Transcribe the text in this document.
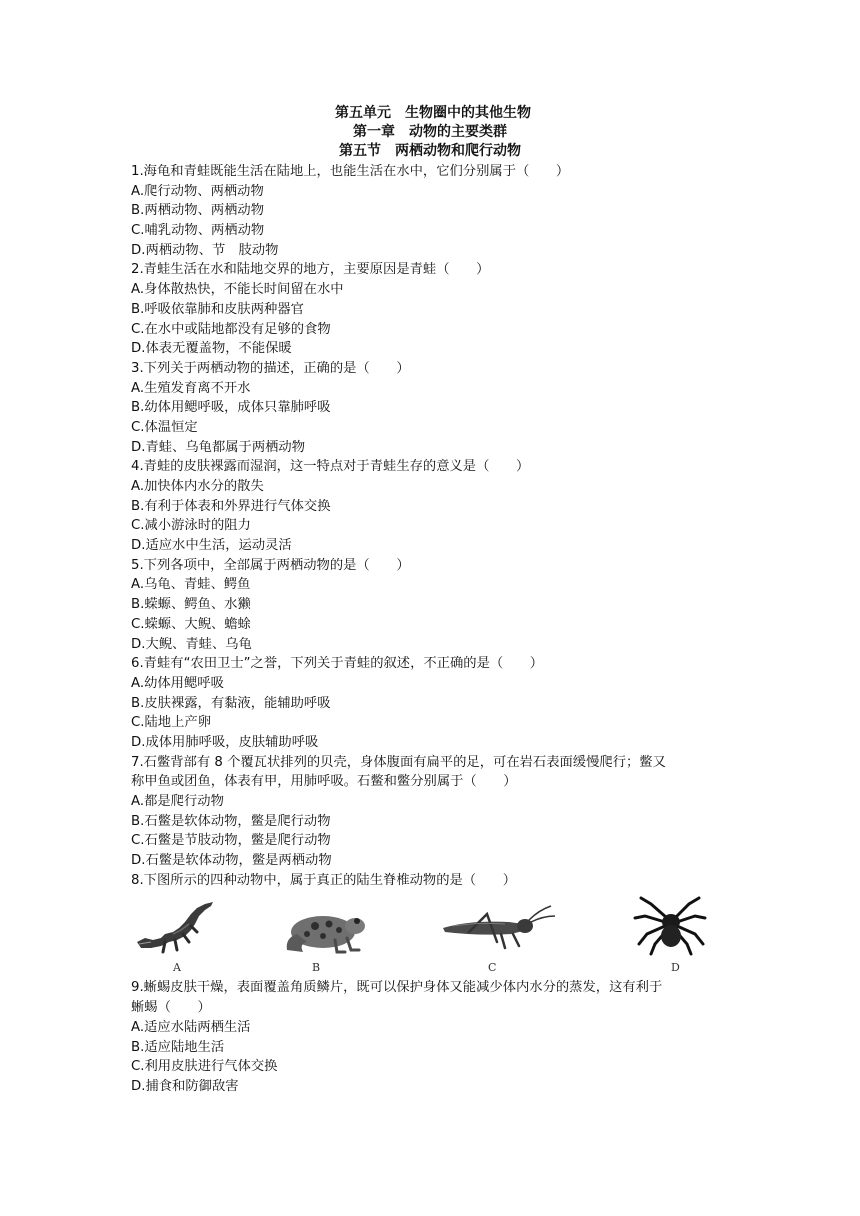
第五单元　生物圈中的其他生物
第一章　动物的主要类群
第五节　两栖动物和爬行动物
1.海龟和青蛙既能生活在陆地上，也能生活在水中，它们分别属于（　　）
A.爬行动物、两栖动物
B.两栖动物、两栖动物
C.哺乳动物、两栖动物
D.两栖动物、节　肢动物
2.青蛙生活在水和陆地交界的地方，主要原因是青蛙（　　）
A.身体散热快，不能长时间留在水中
B.呼吸依靠肺和皮肤两种器官
C.在水中或陆地都没有足够的食物
D.体表无覆盖物，不能保暖
3.下列关于两栖动物的描述，正确的是（　　）
A.生殖发育离不开水
B.幼体用鳃呼吸，成体只靠肺呼吸
C.体温恒定
D.青蛙、乌龟都属于两栖动物
4.青蛙的皮肤裸露而湿润，这一特点对于青蛙生存的意义是（　　）
A.加快体内水分的散失
B.有利于体表和外界进行气体交换
C.减小游泳时的阻力
D.适应水中生活，运动灵活
5.下列各项中，全部属于两栖动物的是（　　）
A.乌龟、青蛙、鳄鱼
B.蝾螈、鳄鱼、水獭
C.蝾螈、大鲵、蟾蜍
D.大鲵、青蛙、乌龟
6.青蛙有“农田卫士”之誉，下列关于青蛙的叙述，不正确的是（　　）
A.幼体用鳃呼吸
B.皮肤裸露，有黏液，能辅助呼吸
C.陆地上产卵
D.成体用肺呼吸，皮肤辅助呼吸
7.石鳖背部有 8 个覆瓦状排列的贝壳，身体腹面有扁平的足，可在岩石表面缓慢爬行；鳖又
称甲鱼或团鱼，体表有甲，用肺呼吸。石鳖和鳖分别属于（　　）
A.都是爬行动物
B.石鳖是软体动物，鳖是爬行动物
C.石鳖是节肢动物，鳖是爬行动物
D.石鳖是软体动物，鳖是两栖动物
8.下图所示的四种动物中，属于真正的陆生脊椎动物的是（　　）
A	B	C	D
9.蜥蜴皮肤干燥，表面覆盖角质鳞片，既可以保护身体又能减少体内水分的蒸发，这有利于
蜥蜴（　　）
A.适应水陆两栖生活
B.适应陆地生活
C.利用皮肤进行气体交换
D.捕食和防御敌害
